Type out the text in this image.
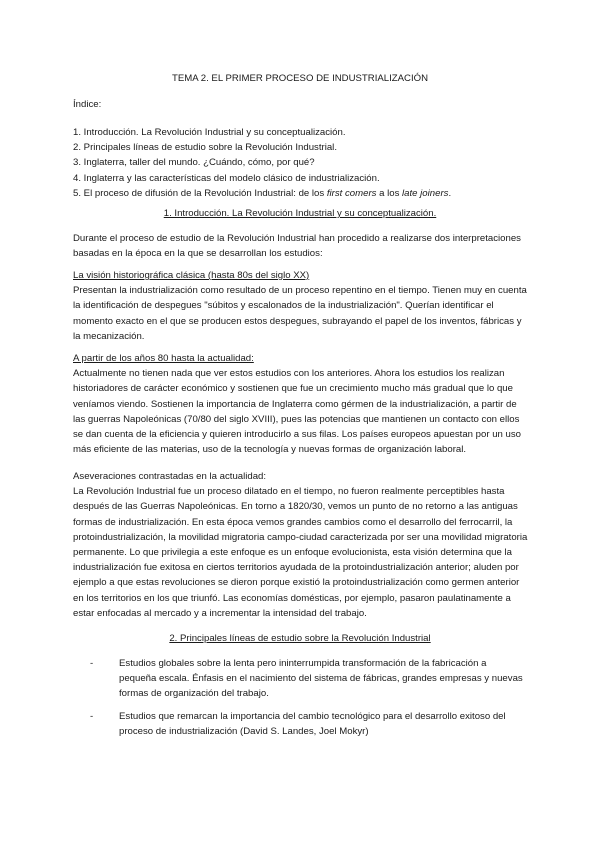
TEMA 2. EL PRIMER PROCESO DE INDUSTRIALIZACIÓN
Índice:

1. Introducción. La Revolución Industrial y su conceptualización.

2. Principales líneas de estudio sobre la Revolución Industrial.

3. Inglaterra, taller del mundo. ¿Cuándo, cómo, por qué?

4. Inglaterra y las características del modelo clásico de industrialización.

5. El proceso de difusión de la Revolución Industrial: de los first comers a los late joiners.

1. Introducción. La Revolución Industrial y su conceptualización.
Durante el proceso de estudio de la Revolución Industrial han procedido a realizarse dos interpretaciones basadas en la época en la que se desarrollan los estudios:

La visión historiográfica clásica (hasta 80s del siglo XX)

Presentan la industrialización como resultado de un proceso repentino en el tiempo. Tienen muy en cuenta la identificación de despegues "súbitos y escalonados de la industrialización". Querían identificar el momento exacto en el que se producen estos despegues, subrayando el papel de los inventos, fábricas y la mecanización.

A partir de los años 80 hasta la actualidad:

Actualmente no tienen nada que ver estos estudios con los anteriores. Ahora los estudios los realizan historiadores de carácter económico y sostienen que fue un crecimiento mucho más gradual que lo que veníamos viendo. Sostienen la importancia de Inglaterra como gérmen de la industrialización, a partir de las guerras Napoleónicas (70/80 del siglo XVIII), pues las potencias que mantienen un contacto con ellos se dan cuenta de la eficiencia y quieren introducirlo a sus filas. Los países europeos apuestan por un uso más eficiente de las materias, uso de la tecnología y nuevas formas de organización laboral.

Aseveraciones contrastadas en la actualidad:

La Revolución Industrial fue un proceso dilatado en el tiempo, no fueron realmente perceptibles hasta después de las Guerras Napoleónicas. En torno a 1820/30, vemos un punto de no retorno a las antiguas formas de industrialización. En esta época vemos grandes cambios como el desarrollo del ferrocarril, la protoindustrialización, la movilidad migratoria campo-ciudad caracterizada por ser una movilidad migratoria permanente. Lo que privilegia a este enfoque es un enfoque evolucionista, esta visión determina que la industrialización fue exitosa en ciertos territorios ayudada de la protoindustrialización anterior; aluden por ejemplo a que estas revoluciones se dieron porque existió la protoindustrialización como germen anterior en los territorios en los que triunfó. Las economías domésticas, por ejemplo, pasaron paulatinamente a estar enfocadas al mercado y a incrementar la intensidad del trabajo.

2. Principales líneas de estudio sobre la Revolución Industrial
-	Estudios globales sobre la lenta pero ininterrumpida transformación de la fabricación a pequeña escala. Énfasis en el nacimiento del sistema de fábricas, grandes empresas y nuevas formas de organización del trabajo.
-	Estudios que remarcan la importancia del cambio tecnológico para el desarrollo exitoso del proceso de industrialización (David S. Landes, Joel Mokyr)
